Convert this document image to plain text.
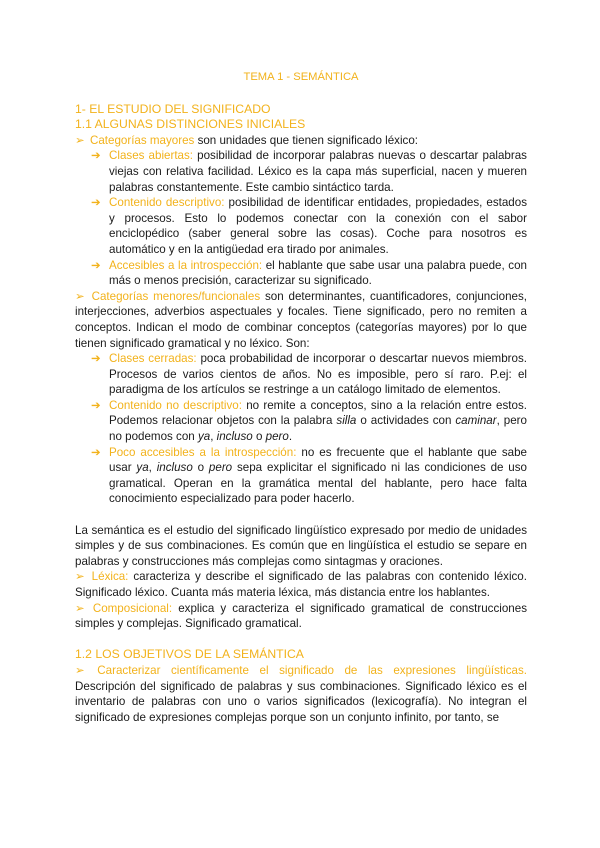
TEMA 1 - SEMÁNTICA
1- EL ESTUDIO DEL SIGNIFICADO
1.1 ALGUNAS DISTINCIONES INICIALES

➢ Categorías mayores son unidades que tienen significado léxico:

➔ Clases abiertas: posibilidad de incorporar palabras nuevas o descartar palabras viejas con relativa facilidad. Léxico es la capa más superficial, nacen y mueren palabras constantemente. Este cambio sintáctico tarda.

➔ Contenido descriptivo: posibilidad de identificar entidades, propiedades, estados y procesos. Esto lo podemos conectar con la conexión con el sabor enciclopédico (saber general sobre las cosas). Coche para nosotros es automático y en la antigüedad era tirado por animales.

➔ Accesibles a la introspección: el hablante que sabe usar una palabra puede, con más o menos precisión, caracterizar su significado.

➢ Categorías menores/funcionales son determinantes, cuantificadores, conjunciones, interjecciones, adverbios aspectuales y focales. Tiene significado, pero no remiten a conceptos. Indican el modo de combinar conceptos (categorías mayores) por lo que tienen significado gramatical y no léxico. Son:

➔ Clases cerradas: poca probabilidad de incorporar o descartar nuevos miembros. Procesos de varios cientos de años. No es imposible, pero sí raro. P.ej: el paradigma de los artículos se restringe a un catálogo limitado de elementos.

➔ Contenido no descriptivo: no remite a conceptos, sino a la relación entre estos. Podemos relacionar objetos con la palabra silla o actividades con caminar, pero no podemos con ya, incluso o pero.

➔ Poco accesibles a la introspección: no es frecuente que el hablante que sabe usar ya, incluso o pero sepa explicitar el significado ni las condiciones de uso gramatical. Operan en la gramática mental del hablante, pero hace falta conocimiento especializado para poder hacerlo.

La semántica es el estudio del significado lingüístico expresado por medio de unidades simples y de sus combinaciones. Es común que en lingüística el estudio se separe en palabras y construcciones más complejas como sintagmas y oraciones.

➢ Léxica: caracteriza y describe el significado de las palabras con contenido léxico. Significado léxico. Cuanta más materia léxica, más distancia entre los hablantes.

➢ Composicional: explica y caracteriza el significado gramatical de construcciones simples y complejas. Significado gramatical.

1.2 LOS OBJETIVOS DE LA SEMÁNTICA

➢ Caracterizar científicamente el significado de las expresiones lingüísticas. Descripción del significado de palabras y sus combinaciones. Significado léxico es el inventario de palabras con uno o varios significados (lexicografía). No integran el significado de expresiones complejas porque son un conjunto infinito, por tanto, se
